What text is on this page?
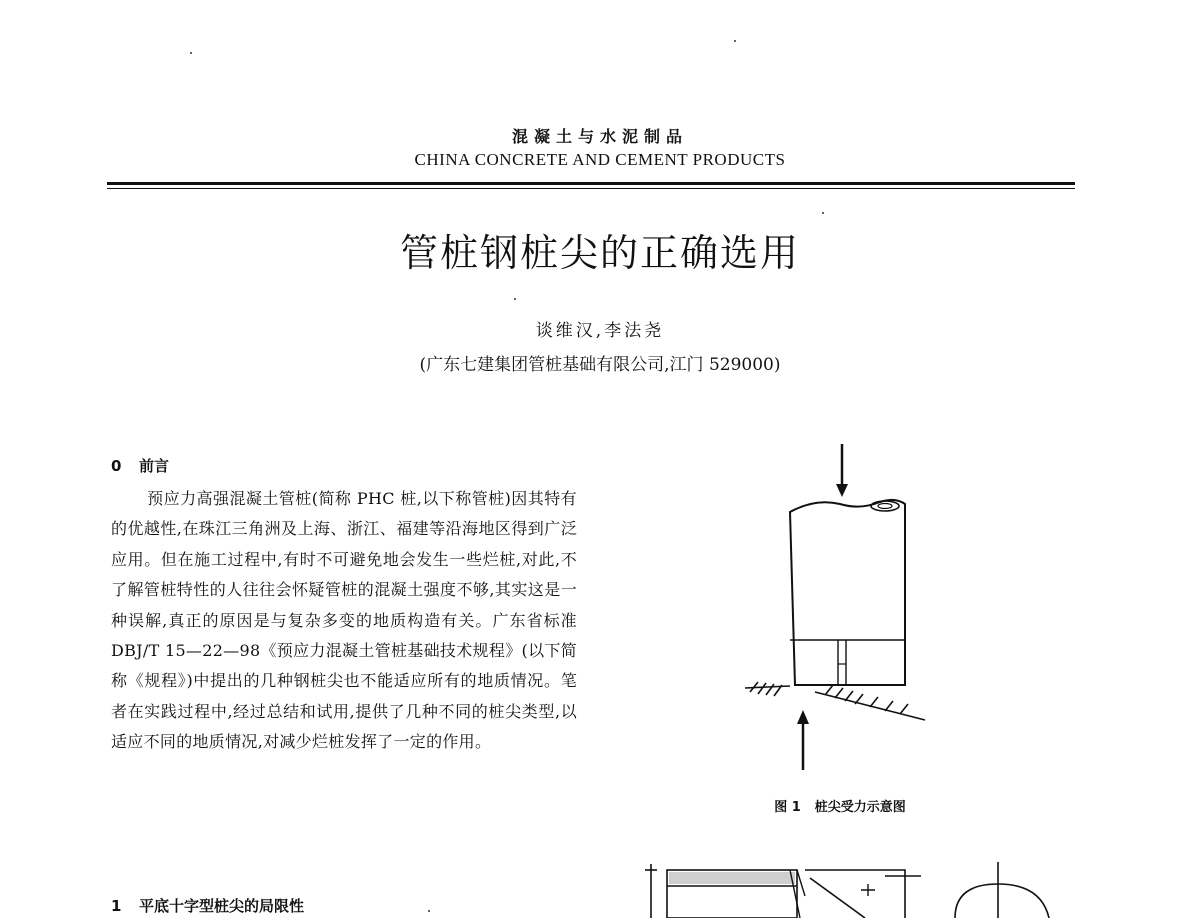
混凝土与水泥制品
CHINA CONCRETE AND CEMENT PRODUCTS
管桩钢桩尖的正确选用
谈维汉,李法尧
(广东七建集团管桩基础有限公司,江门 529000)
0 前言
预应力高强混凝土管桩(简称 PHC 桩,以下称管桩)因其特有的优越性,在珠江三角洲及上海、浙江、福建等沿海地区得到广泛应用。但在施工过程中,有时不可避免地会发生一些烂桩,对此,不了解管桩特性的人往往会怀疑管桩的混凝土强度不够,其实这是一种误解,真正的原因是与复杂多变的地质构造有关。广东省标准 DBJ/T 15—22—98《预应力混凝土管桩基础技术规程》(以下简称《规程》)中提出的几种钢桩尖也不能适应所有的地质情况。笔者在实践过程中,经过总结和试用,提供了几种不同的桩尖类型,以适应不同的地质情况,对减少烂桩发挥了一定的作用。
1 平底十字型桩尖的局限性
图 1 桩尖受力示意图
